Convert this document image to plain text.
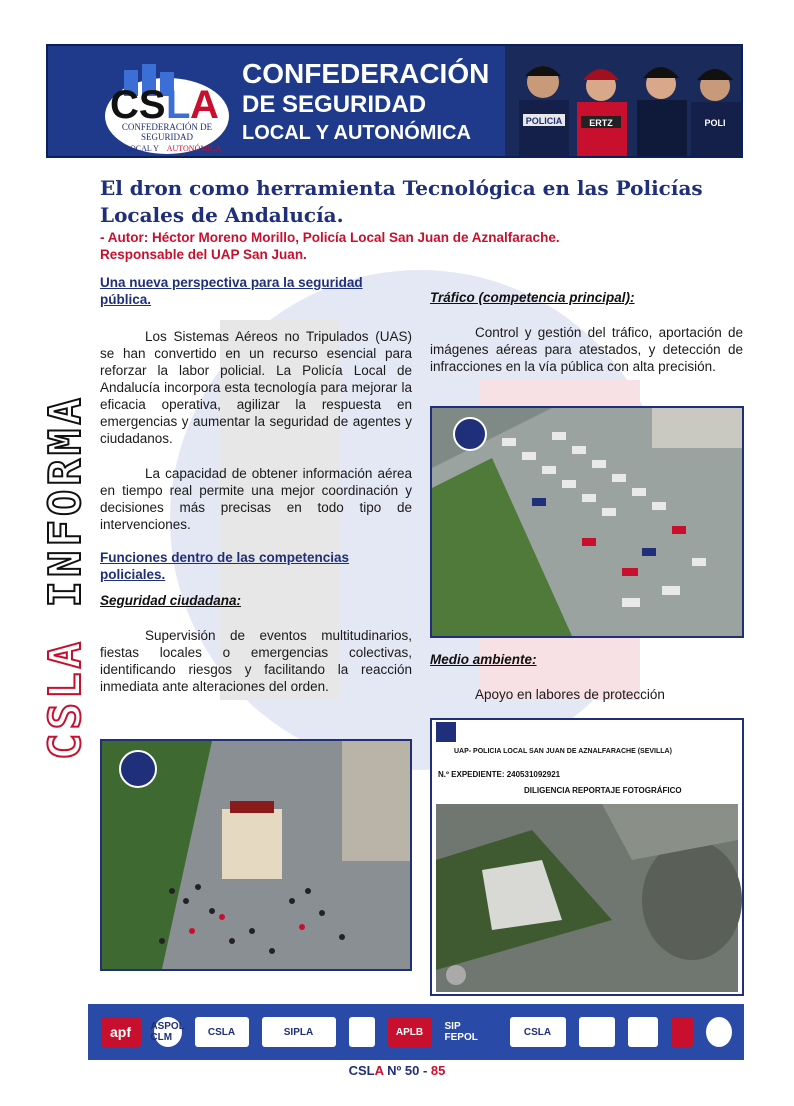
CS L A
CONFEDERACIÓN DE
SEGURIDAD
LOCAL Y AUTONÓMICA
CONFEDERACIÓN
DE SEGURIDAD
LOCAL Y AUTONÓMICA
POLICIA	ERTZ	POLI
CSLA INFORMA
El dron como herramienta Tecnológica en las Policías Locales de Andalucía.
- Autor: Héctor Moreno Morillo, Policía Local San Juan de Aznalfarache.
Responsable del UAP San Juan.
Una nueva perspectiva para la seguridad pública.

Los Sistemas Aéreos no Tripulados (UAS) se han convertido en un recurso esencial para reforzar la labor policial. La Policía Local de Andalucía incorpora esta tecnología para mejorar la eficacia operativa, agilizar la respuesta en emergencias y aumentar la seguridad de agentes y ciudadanos.

La capacidad de obtener información aérea en tiempo real permite una mejor coordinación y decisiones más precisas en todo tipo de intervenciones.

Funciones dentro de las competencias policiales.
Seguridad ciudadana:

Supervisión de eventos multitudinarios, fiestas locales o emergencias colectivas, identificando riesgos y facilitando la reacción inmediata ante alteraciones del orden.

Tráfico (competencia principal):

Control y gestión del tráfico, aportación de imágenes aéreas para atestados, y detección de infracciones en la vía pública con alta precisión.

Medio ambiente:

Apoyo en labores de protección

UAP- POLICIA LOCAL SAN JUAN DE AZNALFARACHE (SEVILLA)
N.º EXPEDIENTE: 240531092921
DILIGENCIA REPORTAJE FOTOGRÁFICO
apf	ASPOL CLM	CSLA	SIPLA	APLB	SIP FEPOL	CSLA
CSLA Nº 50 - 85
